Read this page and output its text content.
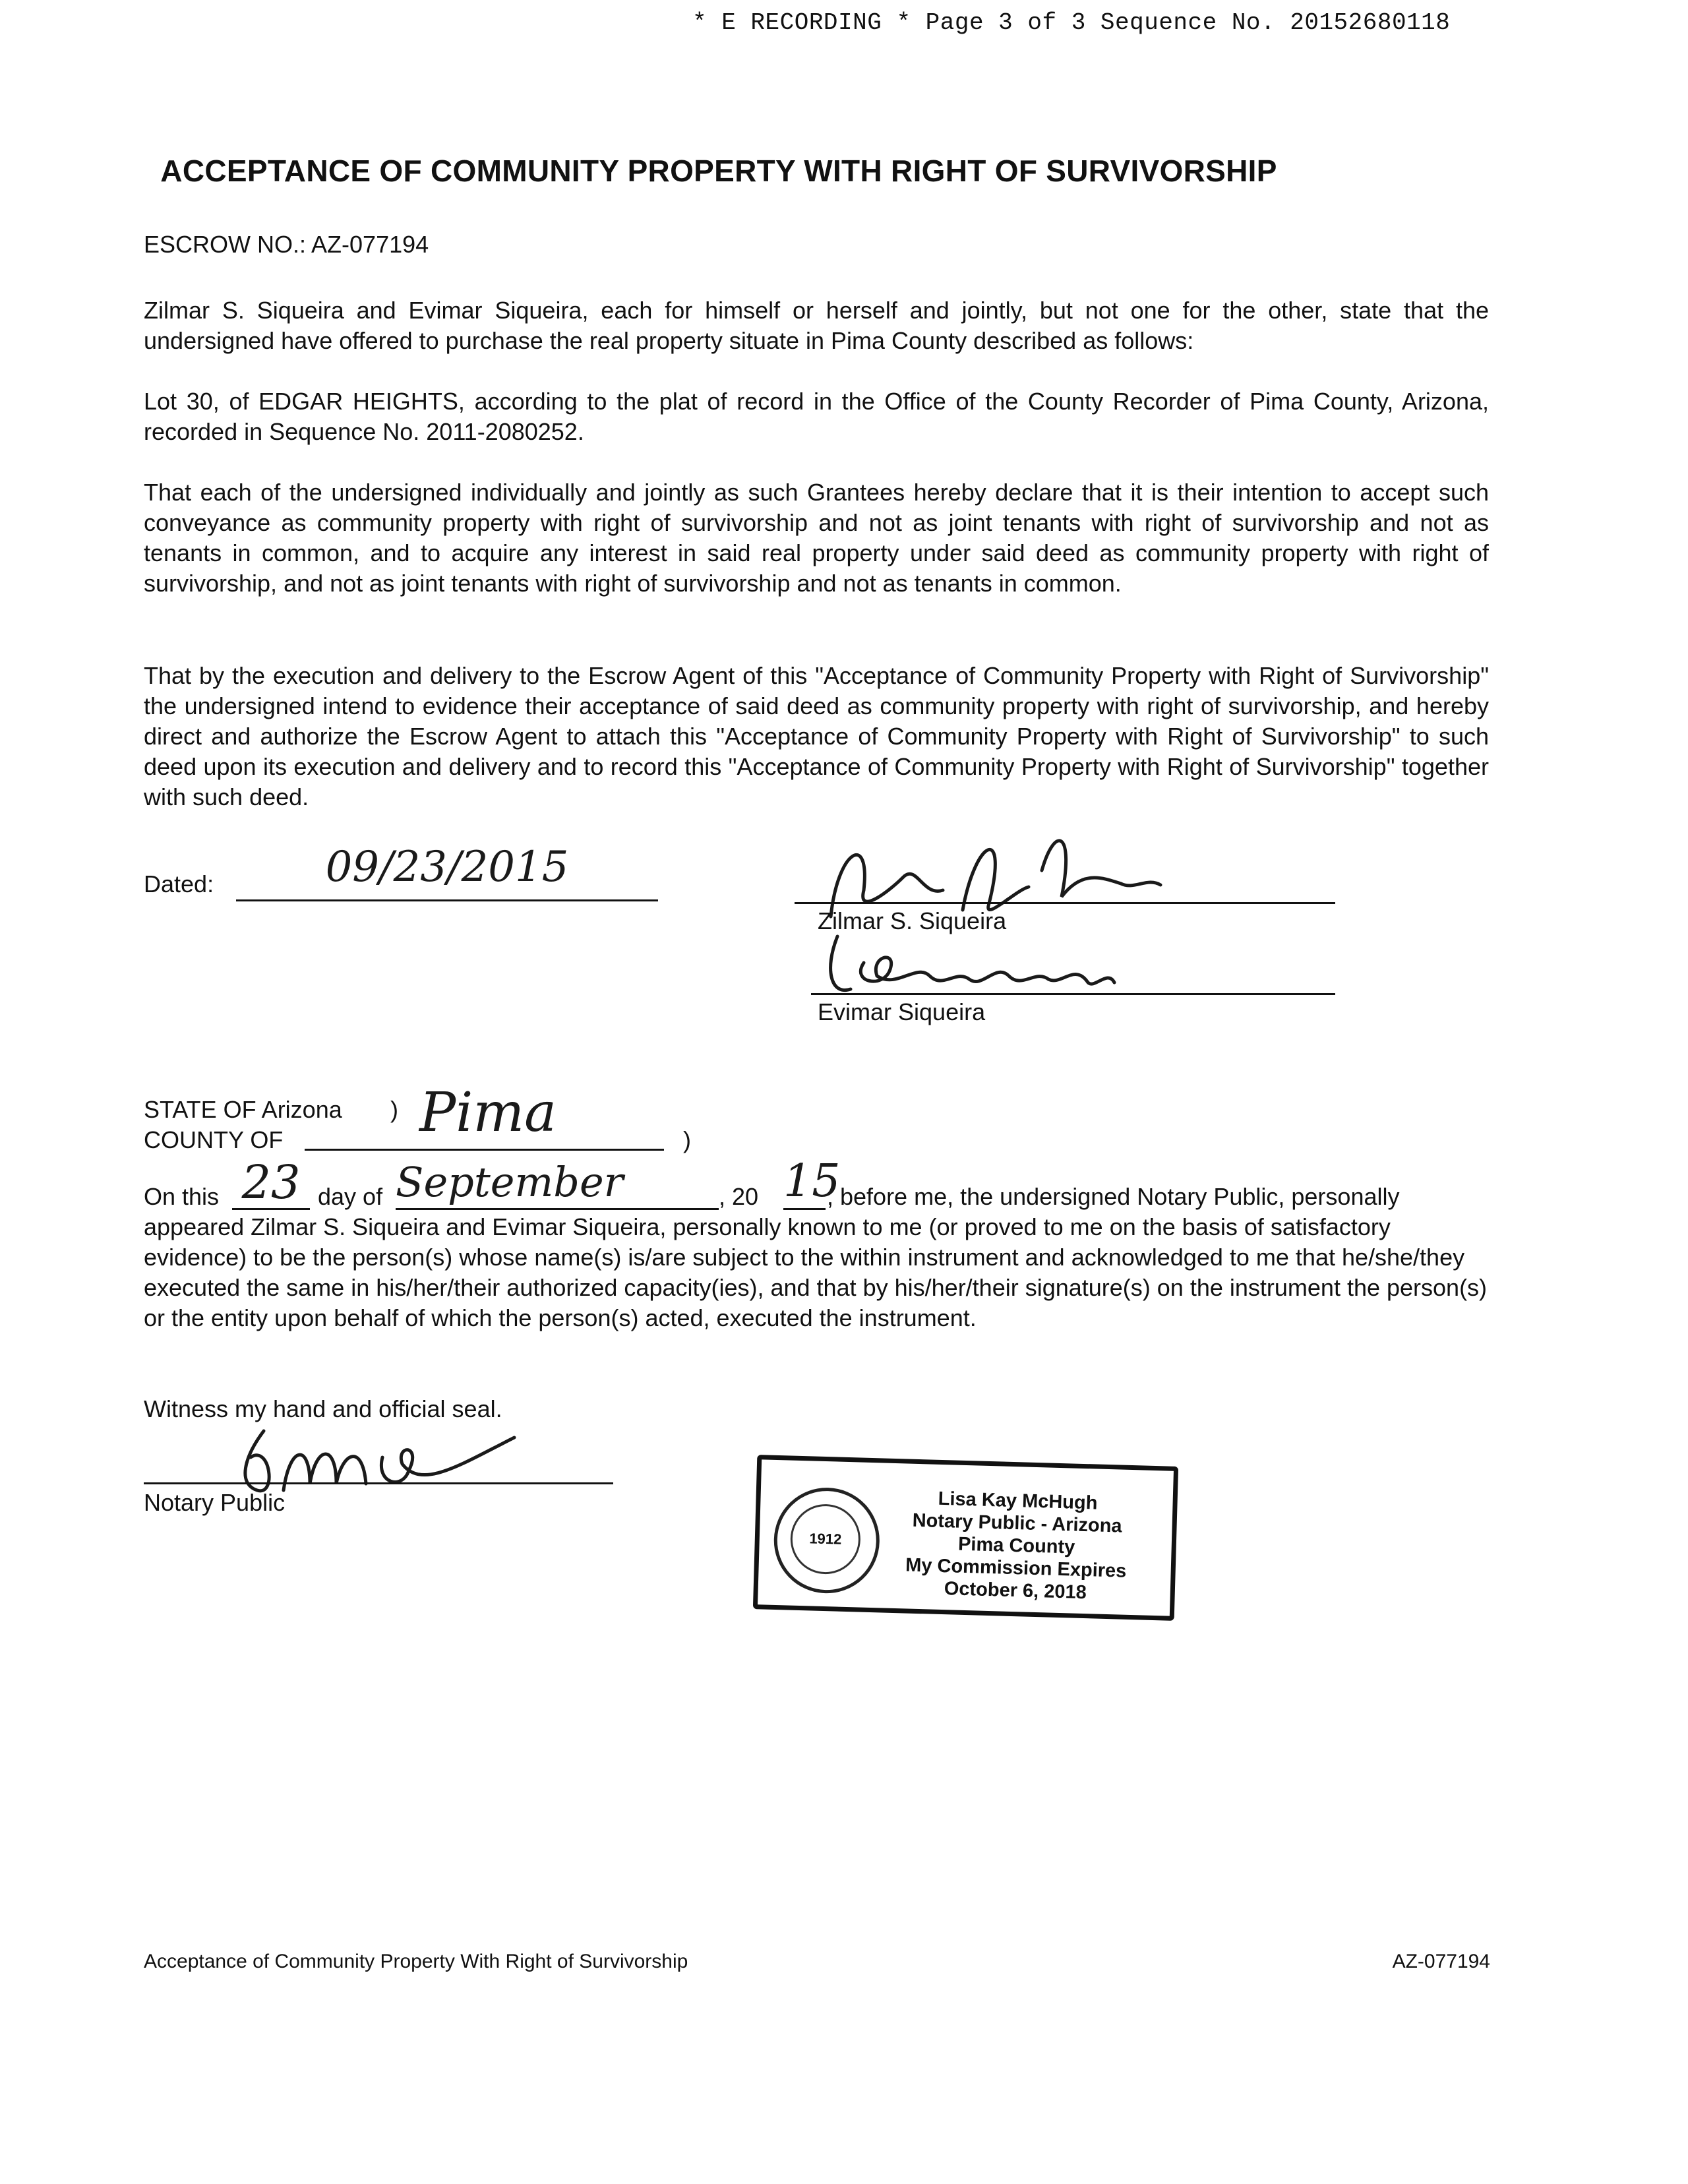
* E RECORDING * Page 3 of 3 Sequence No. 20152680118
ACCEPTANCE OF COMMUNITY PROPERTY WITH RIGHT OF SURVIVORSHIP
ESCROW NO.: AZ-077194
Zilmar S. Siqueira and Evimar Siqueira, each for himself or herself and jointly, but not one for the other, state that the undersigned have offered to purchase the real property situate in Pima County described as follows:
Lot 30, of EDGAR HEIGHTS, according to the plat of record in the Office of the County Recorder of Pima County, Arizona, recorded in Sequence No. 2011-2080252.
That each of the undersigned individually and jointly as such Grantees hereby declare that it is their intention to accept such conveyance as community property with right of survivorship and not as joint tenants with right of survivorship and not as tenants in common, and to acquire any interest in said real property under said deed as community property with right of survivorship, and not as joint tenants with right of survivorship and not as tenants in common.
That by the execution and delivery to the Escrow Agent of this "Acceptance of Community Property with Right of Survivorship" the undersigned intend to evidence their acceptance of said deed as community property with right of survivorship, and hereby direct and authorize the Escrow Agent to attach this "Acceptance of Community Property with Right of Survivorship" to such deed upon its execution and delivery and to record this "Acceptance of Community Property with Right of Survivorship" together with such deed.
Dated:	09/23/2015
Zilmar S. Siqueira
Evimar Siqueira
STATE OF Arizona )
COUNTY OF	Pima	)
On this 23 day of September	, 20 15
, before me, the undersigned Notary Public, personally
appeared Zilmar S. Siqueira and Evimar Siqueira, personally known to me (or proved to me on the basis of satisfactory evidence) to be the person(s) whose name(s) is/are subject to the within instrument and acknowledged to me that he/she/they executed the same in his/her/their authorized capacity(ies), and that by his/her/their signature(s) on the instrument the person(s) or the entity upon behalf of which the person(s) acted, executed the instrument.
Witness my hand and official seal.
Notary Public
1912
Lisa Kay McHugh
Notary Public - Arizona
Pima County
My Commission Expires
October 6, 2018
Acceptance of Community Property With Right of Survivorship	AZ-077194
